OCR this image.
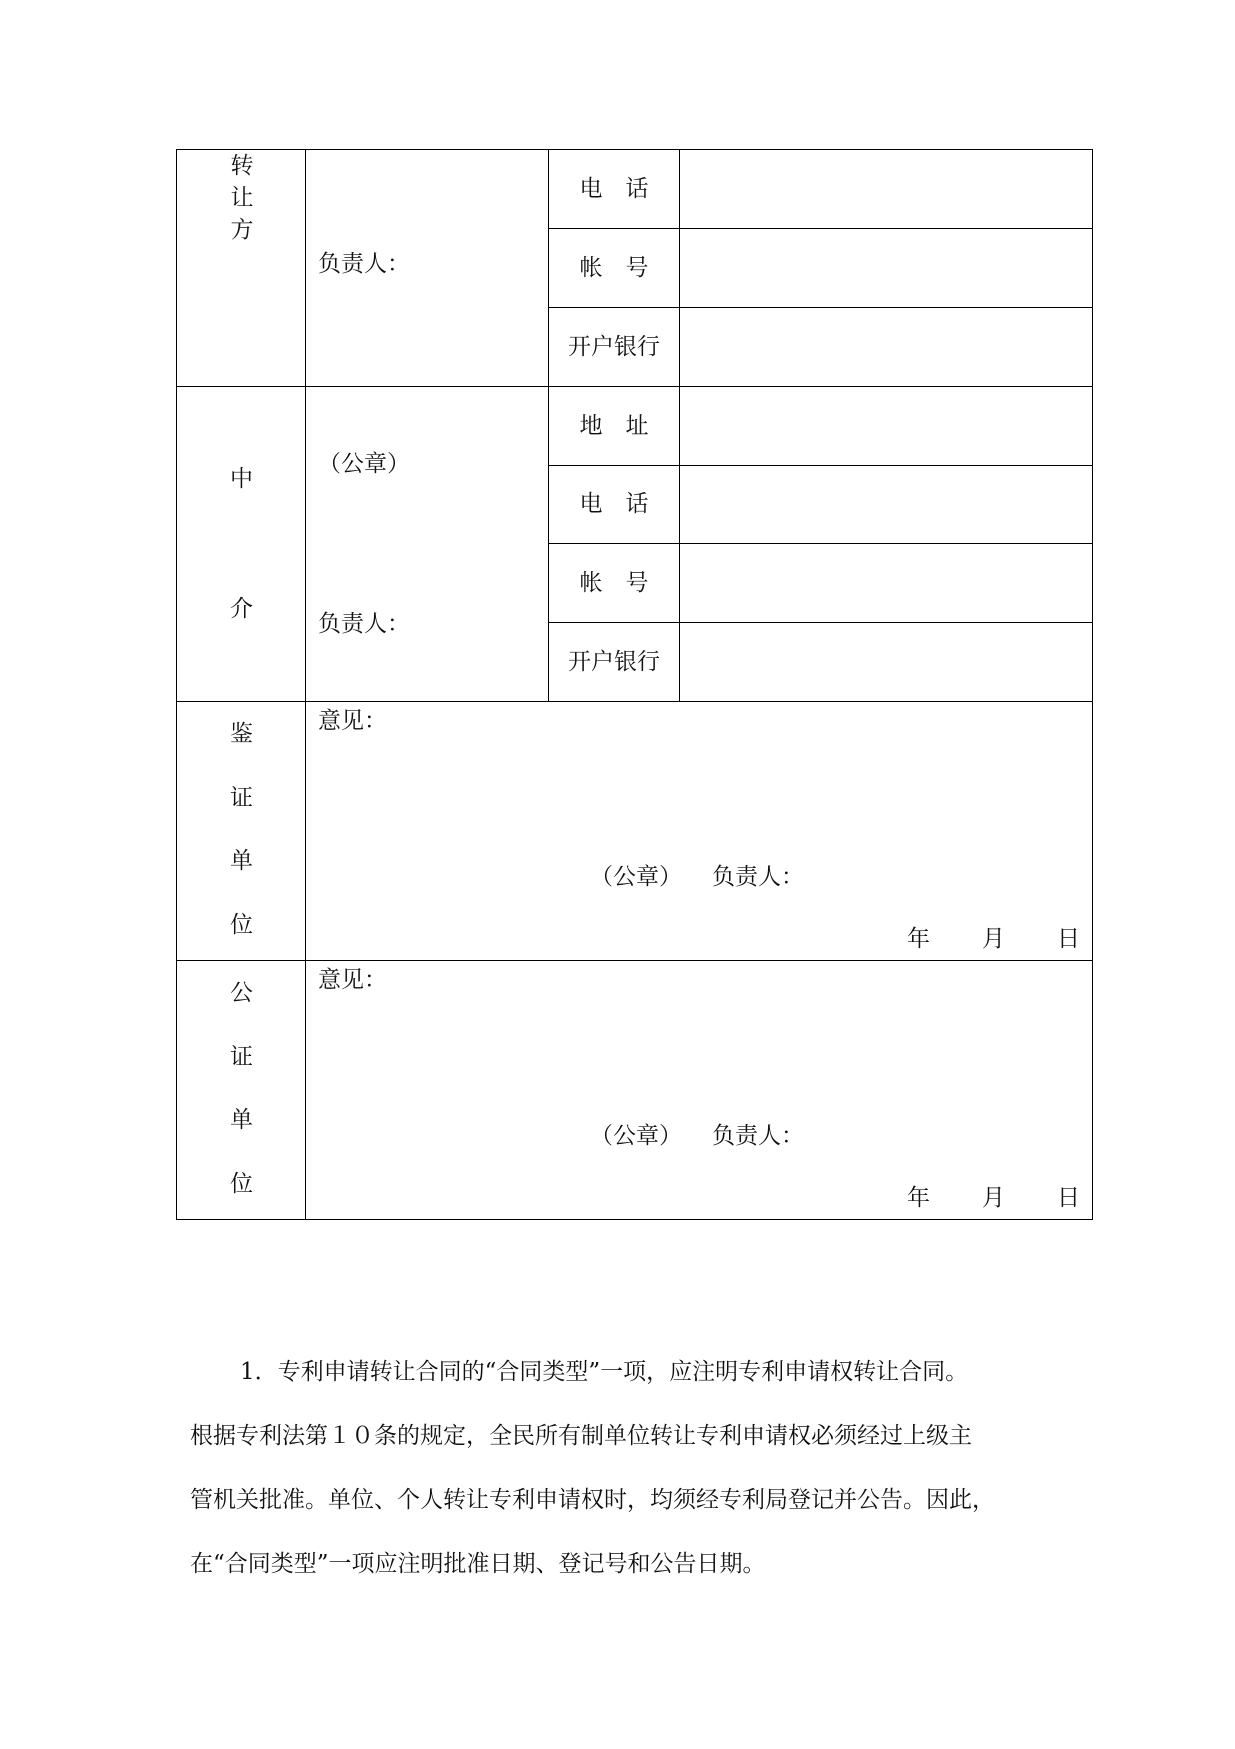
转
让
方
负责人：
电　话
帐　号
开户银行
中
介
（公章）
负责人：
地　址
电　话
帐　号
开户银行
鉴
证
单
位
意见：
（公章） 负责人：
年 月 日
公
证
单
位
意见：
（公章） 负责人：
年 月 日

1．专利申请转让合同的“合同类型”一项，应注明专利申请权转让合同。

根据专利法第１０条的规定，全民所有制单位转让专利申请权必须经过上级主

管机关批准。单位、个人转让专利申请权时，均须经专利局登记并公告。因此，

在“合同类型”一项应注明批准日期、登记号和公告日期。
